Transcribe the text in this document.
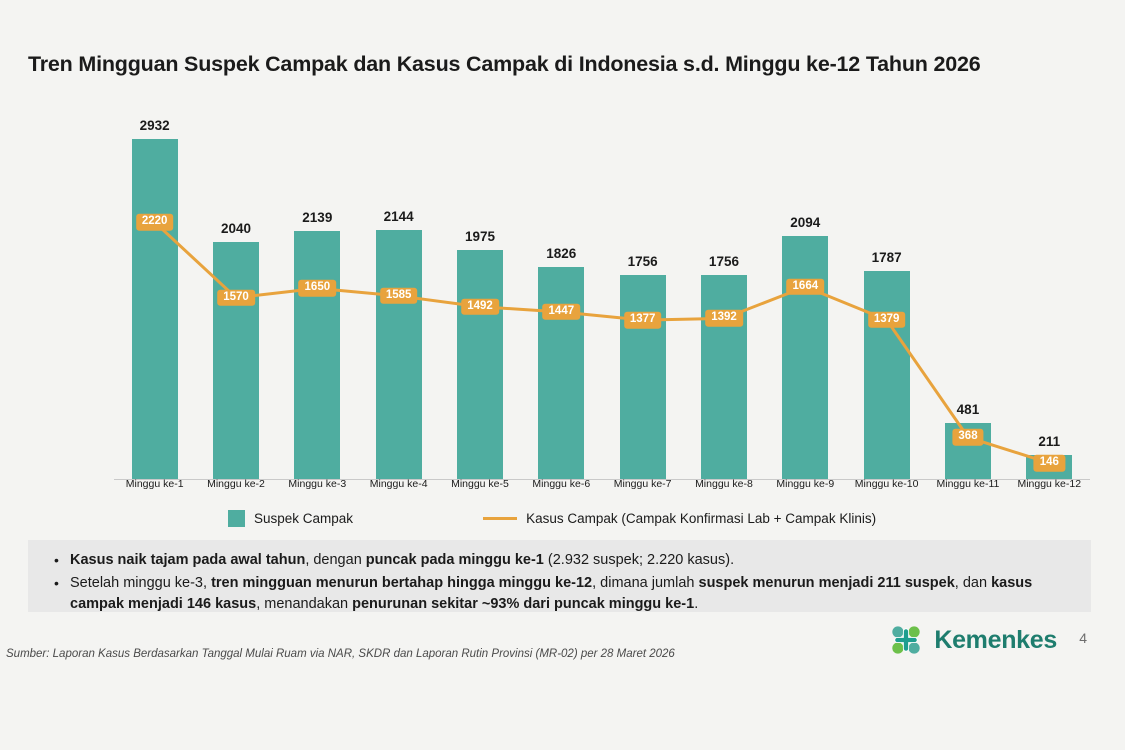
Tren Mingguan Suspek Campak dan Kasus Campak di Indonesia s.d. Minggu ke-12 Tahun 2026
2932
2040
2139	2144
1975
1826
1756	1756
2094
1787
481
211
2220
1570
1650
1585
1492	1447
1377	1392
1664
1379
368
146
Minggu ke-1	Minggu ke-2	Minggu ke-3	Minggu ke-4	Minggu ke-5	Minggu ke-6	Minggu ke-7	Minggu ke-8	Minggu ke-9	Minggu ke-10	Minggu ke-11	Minggu ke-12
Suspek Campak	Kasus Campak (Campak Konfirmasi Lab + Campak Klinis)
• Kasus naik tajam pada awal tahun, dengan puncak pada minggu ke-1 (2.932 suspek; 2.220 kasus).
• Setelah minggu ke-3, tren mingguan menurun bertahap hingga minggu ke-12, dimana jumlah suspek menurun menjadi 211 suspek, dan kasus campak menjadi 146 kasus, menandakan penurunan sekitar ~93% dari puncak minggu ke-1.
Sumber: Laporan Kasus Berdasarkan Tanggal Mulai Ruam via NAR, SKDR dan Laporan Rutin Provinsi (MR-02) per 28 Maret 2026
Kemenkes 4
